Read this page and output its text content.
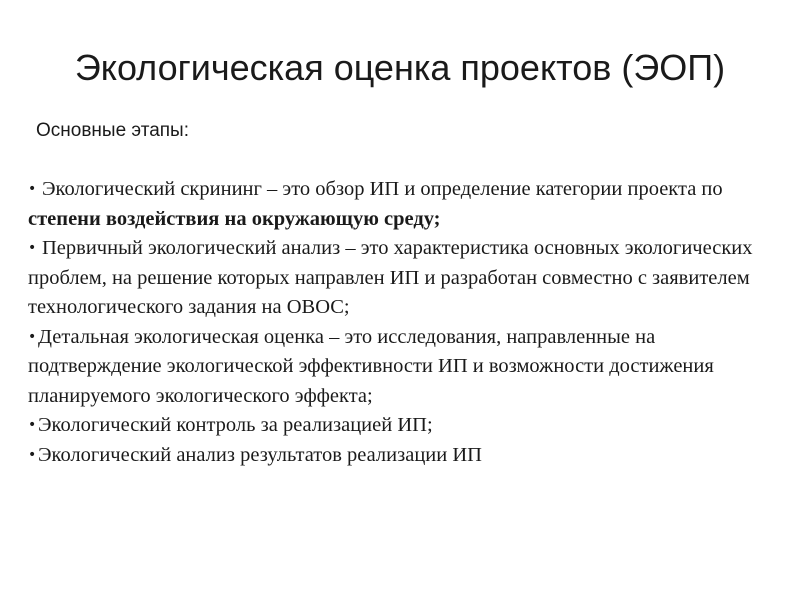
Экологическая оценка проектов (ЭОП)
Основные этапы:
• Экологический скрининг – это обзор ИП и определение категории проекта по степени воздействия на окружающую среду;
• Первичный экологический анализ – это характеристика основных экологических проблем, на решение которых направлен ИП и разработан совместно с заявителем технологического задания на ОВОС;
•Детальная экологическая оценка – это исследования, направленные на подтверждение экологической эффективности ИП и возможности достижения планируемого экологического эффекта;
•Экологический контроль за реализацией ИП;
•Экологический анализ результатов реализации ИП
